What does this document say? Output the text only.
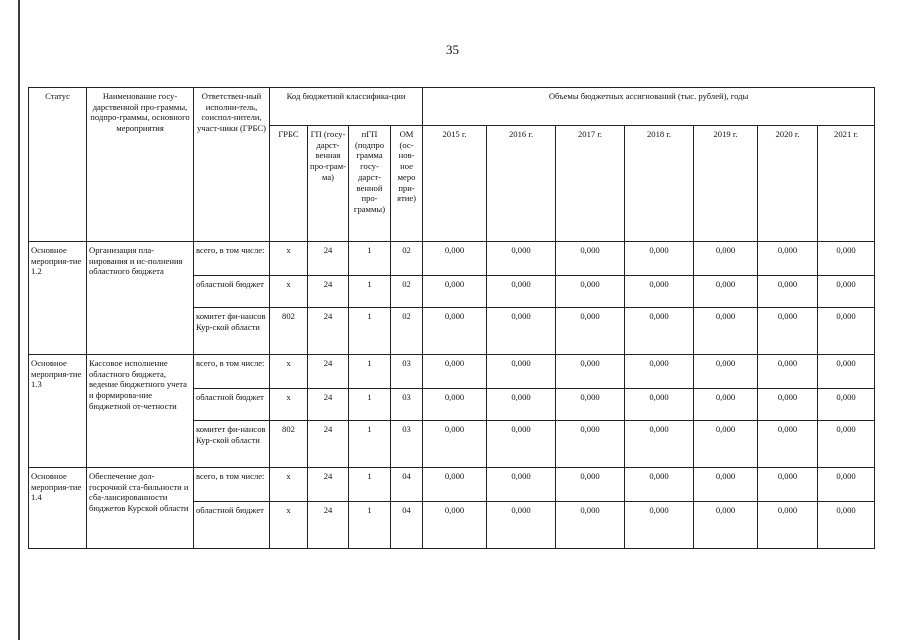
35
Статус	Наименование госу-дарственной про-граммы, подпро-граммы, основного мероприятия	Ответствен-ный исполни-тель, соиспол-нители, участ-ники (ГРБС)	Код бюджетной классифика-ции				Объемы бюджетных ассигнований (тыс. рублей), годы						
			ГРБС	ГП (госу-дарст-венная про-грам-ма)	пГП (подпро грамма госу-дарст-венной про-граммы)	ОМ (ос-нов-ное меро при-ятие)	2015 г.	2016 г.	2017 г.	2018 г.	2019 г.	2020 г.	2021 г.
Основное мероприя-тие 1.2	Организация пла-нирования и ис-полнения областного бюджета	всего, в том числе:	x	24	1	02	0,000	0,000	0,000	0,000	0,000	0,000	0,000
		областной бюджет	x	24	1	02	0,000	0,000	0,000	0,000	0,000	0,000	0,000
		комитет фи-нансов Кур-ской области	802	24	1	02	0,000	0,000	0,000	0,000	0,000	0,000	0,000
Основное мероприя-тие 1.3	Кассовое исполнение областного бюджета, ведение бюджетного учета и формирова-ние бюджетной от-четности	всего, в том числе:	x	24	1	03	0,000	0,000	0,000	0,000	0,000	0,000	0,000
		областной бюджет	x	24	1	03	0,000	0,000	0,000	0,000	0,000	0,000	0,000
		комитет фи-нансов Кур-ской области	802	24	1	03	0,000	0,000	0,000	0,000	0,000	0,000	0,000
Основное мероприя-тие 1.4	Обеспечение дол-госрочной ста-бильности и сба-лансированности бюджетов Курской области	всего, в том числе:	x	24	1	04	0,000	0,000	0,000	0,000	0,000	0,000	0,000
		областной бюджет	x	24	1	04	0,000	0,000	0,000	0,000	0,000	0,000	0,000
